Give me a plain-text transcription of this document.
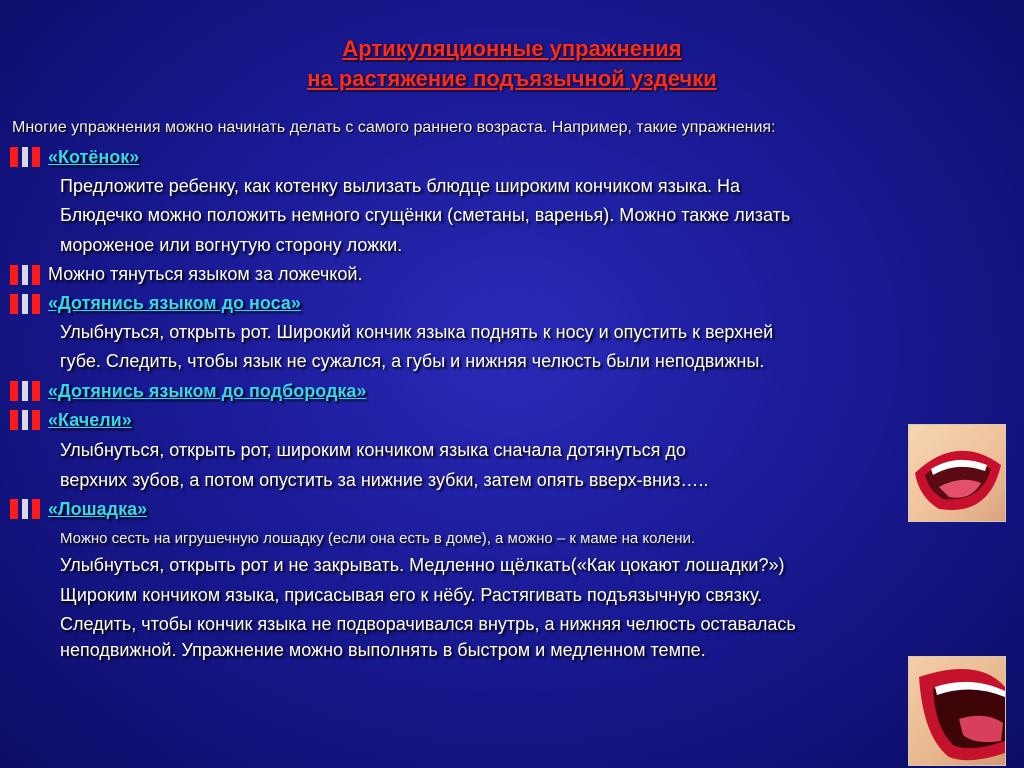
Артикуляционные упражнения
на растяжение подъязычной уздечки
Многие упражнения можно начинать делать с самого раннего возраста. Например, такие упражнения:
«Котёнок»
Предложите ребенку, как котенку вылизать блюдце широким кончиком языка. На
Блюдечко можно положить немного сгущёнки (сметаны, варенья). Можно также лизать
мороженое или вогнутую сторону ложки.
Можно тянуться языком за ложечкой.
«Дотянись языком до носа»
Улыбнуться, открыть рот. Широкий кончик языка поднять к носу и опустить к верхней
губе. Следить, чтобы язык не сужался, а губы и нижняя челюсть были неподвижны.
«Дотянись языком до подбородка»
«Качели»
Улыбнуться, открыть рот, широким кончиком языка сначала дотянуться до
верхних зубов, а потом опустить за нижние зубки, затем опять вверх-вниз…..
«Лошадка»
Можно сесть на игрушечную лошадку (если она есть в доме), а можно – к маме на колени.
Улыбнуться, открыть рот и не закрывать. Медленно щёлкать(«Как цокают лошадки?»)
Щироким кончиком языка, присасывая его к нёбу. Растягивать подъязычную связку.
Следить, чтобы кончик языка не подворачивался внутрь, а нижняя челюсть оставалась
неподвижной. Упражнение можно выполнять в быстром и медленном темпе.
